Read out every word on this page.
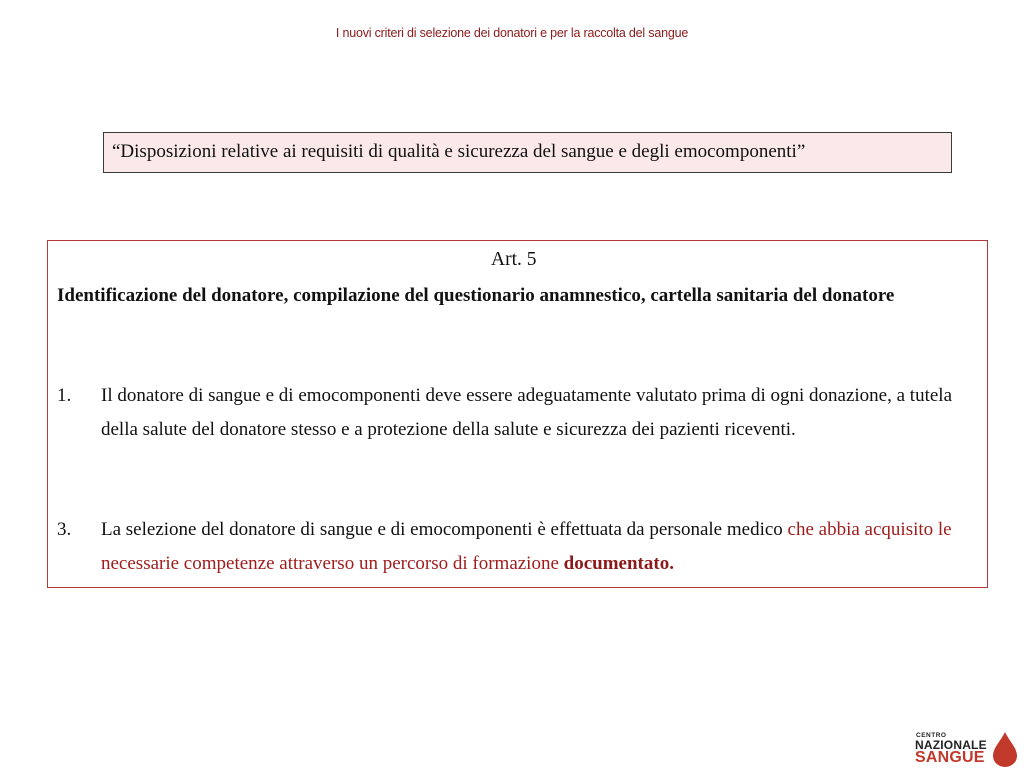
I nuovi criteri di selezione dei donatori e per la raccolta del sangue
“Disposizioni relative ai requisiti di qualità e sicurezza del sangue e degli emocomponenti”
Art. 5
Identificazione del donatore, compilazione del questionario anamnestico, cartella sanitaria del donatore
1. Il donatore di sangue e di emocomponenti deve essere adeguatamente valutato prima di ogni donazione, a tutela della salute del donatore stesso e a protezione della salute e sicurezza dei pazienti riceventi.
3. La selezione del donatore di sangue e di emocomponenti è effettuata da personale medico che abbia acquisito le necessarie competenze attraverso un percorso di formazione documentato.
CENTRO
NAZIONALE
SANGUE
